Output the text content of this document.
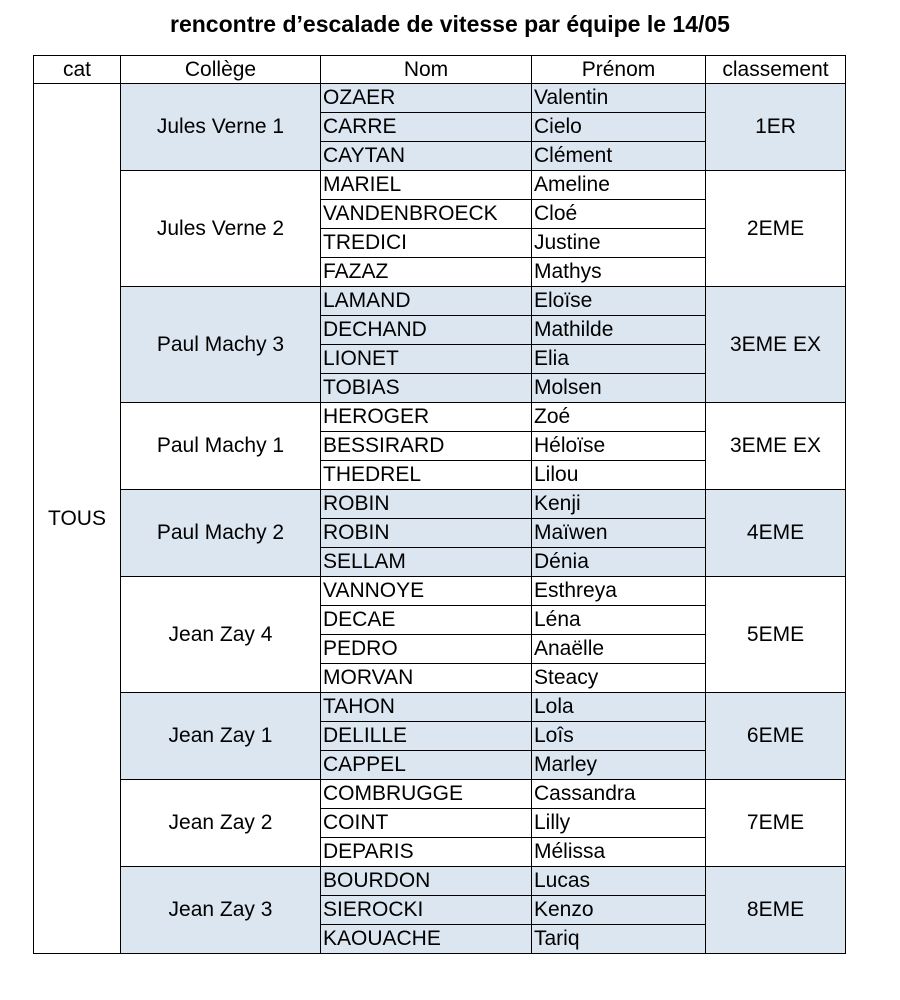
rencontre d’escalade de vitesse par équipe le 14/05
cat	Collège	Nom	Prénom	classement
TOUS	Jules Verne 1	OZAER	Valentin	1ER
		CARRE	Cielo	
		CAYTAN	Clément	
	Jules Verne 2	MARIEL	Ameline	2EME
		VANDENBROECK	Cloé	
		TREDICI	Justine	
		FAZAZ	Mathys	
	Paul Machy 3	LAMAND	Eloïse	3EME EX
		DECHAND	Mathilde	
		LIONET	Elia	
		TOBIAS	Molsen	
	Paul Machy 1	HEROGER	Zoé	3EME EX
		BESSIRARD	Héloïse	
		THEDREL	Lilou	
	Paul Machy 2	ROBIN	Kenji	4EME
		ROBIN	Maïwen	
		SELLAM	Dénia	
	Jean Zay 4	VANNOYE	Esthreya	5EME
		DECAE	Léna	
		PEDRO	Anaëlle	
		MORVAN	Steacy	
	Jean Zay 1	TAHON	Lola	6EME
		DELILLE	Loîs	
		CAPPEL	Marley	
	Jean Zay 2	COMBRUGGE	Cassandra	7EME
		COINT	Lilly	
		DEPARIS	Mélissa	
	Jean Zay 3	BOURDON	Lucas	8EME
		SIEROCKI	Kenzo	
		KAOUACHE	Tariq	
